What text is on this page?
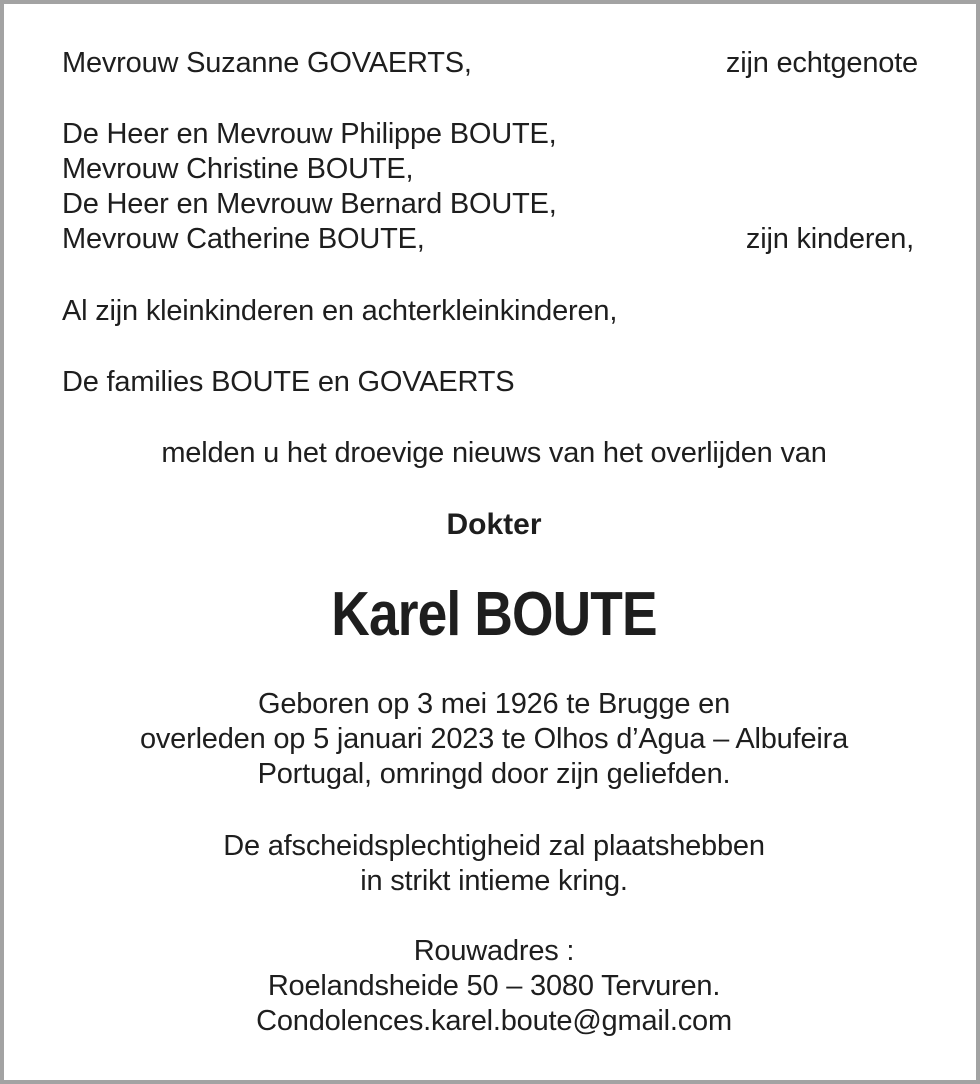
Mevrouw Suzanne GOVAERTS,	zijn echtgenote
De Heer en Mevrouw Philippe BOUTE,
Mevrouw Christine BOUTE,
De Heer en Mevrouw Bernard BOUTE,
Mevrouw Catherine BOUTE,	zijn kinderen,
Al zijn kleinkinderen en achterkleinkinderen,
De families BOUTE en GOVAERTS
melden u het droevige nieuws van het overlijden van
Dokter
Karel BOUTE
Geboren op 3 mei 1926 te Brugge en
overleden op 5 januari 2023 te Olhos d’Agua – Albufeira
Portugal, omringd door zijn geliefden.
De afscheidsplechtigheid zal plaatshebben
in strikt intieme kring.
Rouwadres :
Roelandsheide 50 – 3080 Tervuren.
Condolences.karel.boute@gmail.com
